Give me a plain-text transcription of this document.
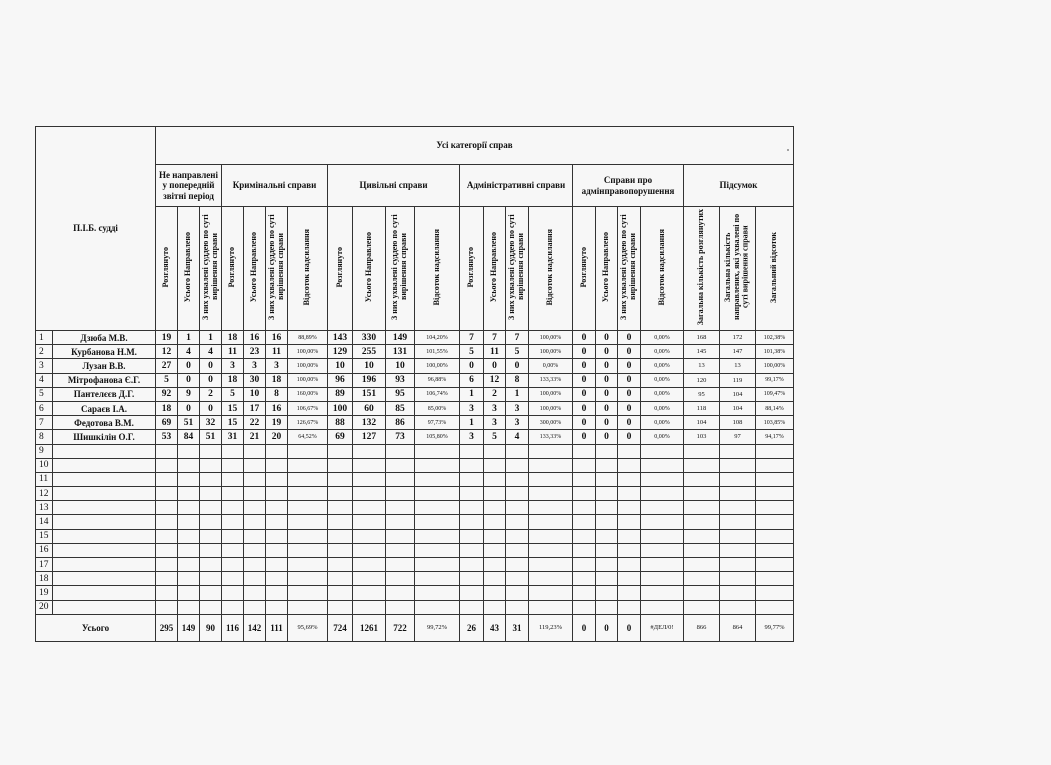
П.І.Б. судді		Усі категорії справ																					
		Не направлені у попередній звітні період			Кримінальні справи				Цивільні справи				Адміністративні справи				Справи про адмінправопорушення				Підсумок		
		Розглянуто	Усього Направлено	З них ухвалені суддею по суті вирішення справи	Розглянуто	Усього Направлено	З них ухвалені суддею по суті вирішення справи	Відсоток надсилання	Розглянуто	Усього Направлено	З них ухвалені суддею по суті вирішення справи	Відсоток надсилання	Розглянуто	Усього Направлено	З них ухвалені суддею по суті вирішення справи	Відсоток надсилання	Розглянуто	Усього Направлено	З них ухвалені суддею по суті вирішення справи	Відсоток надсилання	Загальна кількість розглянутих	Загальна кількість направлених, які ухвалені по суті вирішення справи	Загальний відсоток
1	Дзюба М.В.	19	1	1	18	16	16	88,89%	143	330	149	104,20%	7	7	7	100,00%	0	0	0	0,00%	168	172	102,38%
2	Курбанова Н.М.	12	4	4	11	23	11	100,00%	129	255	131	101,55%	5	11	5	100,00%	0	0	0	0,00%	145	147	101,38%
3	Лузан В.В.	27	0	0	3	3	3	100,00%	10	10	10	100,00%	0	0	0	0,00%	0	0	0	0,00%	13	13	100,00%
4	Мітрофанова Є.Г.	5	0	0	18	30	18	100,00%	96	196	93	96,88%	6	12	8	133,33%	0	0	0	0,00%	120	119	99,17%
5	Пантелєєв Д.Г.	92	9	2	5	10	8	160,00%	89	151	95	106,74%	1	2	1	100,00%	0	0	0	0,00%	95	104	109,47%
6	Сараєв І.А.	18	0	0	15	17	16	106,67%	100	60	85	85,00%	3	3	3	100,00%	0	0	0	0,00%	118	104	88,14%
7	Федотова В.М.	69	51	32	15	22	19	126,67%	88	132	86	97,73%	1	3	3	300,00%	0	0	0	0,00%	104	108	103,85%
8	Шишкілін О.Г.	53	84	51	31	21	20	64,52%	69	127	73	105,80%	3	5	4	133,33%	0	0	0	0,00%	103	97	94,17%
9																							
10																							
11																							
12																							
13																							
14																							
15																							
16																							
17																							
18																							
19																							
20																							
Усього		295	149	90	116	142	111	95,69%	724	1261	722	99,72%	26	43	31	119,23%	0	0	0	#ДЕЛ/0!	866	864	99,77%
